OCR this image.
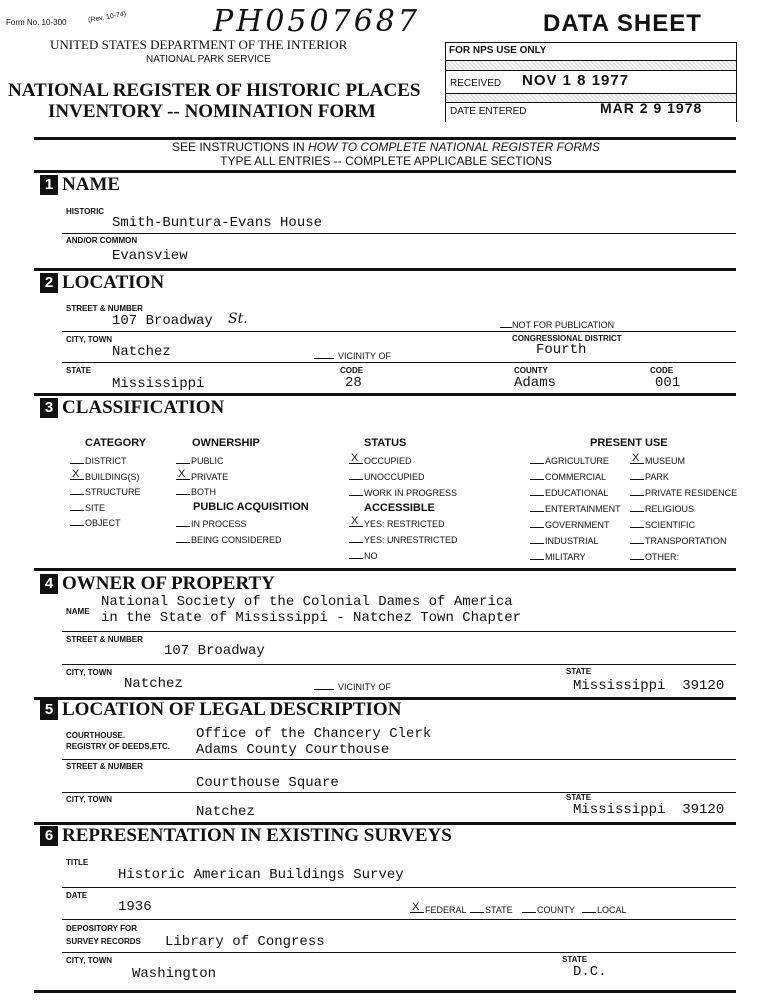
Form No. 10-300	(Rev. 10-74)	PH0507687	DATA SHEET
UNITED STATES DEPARTMENT OF THE INTERIOR
NATIONAL PARK SERVICE
NATIONAL REGISTER OF HISTORIC PLACES
INVENTORY -- NOMINATION FORM
FOR NPS USE ONLY
RECEIVED NOV 1 8 1977
DATE ENTERED	MAR 2 9 1978
SEE INSTRUCTIONS IN HOW TO COMPLETE NATIONAL REGISTER FORMS
TYPE ALL ENTRIES -- COMPLETE APPLICABLE SECTIONS
1 NAME
HISTORIC
Smith-Buntura-Evans House
AND/OR COMMON
Evansview
2 LOCATION
STREET & NUMBER
107 Broadway St.	NOT FOR PUBLICATION
CITY, TOWN
Natchez
CONGRESSIONAL DISTRICT
Fourth
VICINITY OF
STATE
Mississippi
CODE
28
COUNTY
Adams
CODE
001
3 CLASSIFICATION
CATEGORY	OWNERSHIP	STATUS	PRESENT USE
PUBLIC ACQUISITION	ACCESSIBLE
DISTRICT
X BUILDING(S)
STRUCTURE
SITE
OBJECT
PUBLIC
X PRIVATE
BOTH
IN PROCESS
BEING CONSIDERED
X OCCUPIED
UNOCCUPIED
WORK IN PROGRESS
X YES: RESTRICTED
YES: UNRESTRICTED
NO
AGRICULTURE
COMMERCIAL
EDUCATIONAL
ENTERTAINMENT
GOVERNMENT
INDUSTRIAL
MILITARY
X MUSEUM
PARK
PRIVATE RESIDENCE
RELIGIOUS
SCIENTIFIC
TRANSPORTATION
OTHER:
4 OWNER OF PROPERTY
NAME
National Society of the Colonial Dames of America
in the State of Mississippi - Natchez Town Chapter
STREET & NUMBER
107 Broadway
CITY, TOWN
Natchez	VICINITY OF
STATE
Mississippi  39120
5 LOCATION OF LEGAL DESCRIPTION
COURTHOUSE.
REGISTRY OF DEEDS,ETC.
Office of the Chancery Clerk
Adams County Courthouse
STREET & NUMBER
Courthouse Square
CITY, TOWN
Natchez
STATE
Mississippi  39120
6 REPRESENTATION IN EXISTING SURVEYS
TITLE
Historic American Buildings Survey
DATE
1936	X FEDERAL	STATE	COUNTY	LOCAL
DEPOSITORY FOR
SURVEY RECORDS Library of Congress
CITY, TOWN
Washington
STATE
D.C.
